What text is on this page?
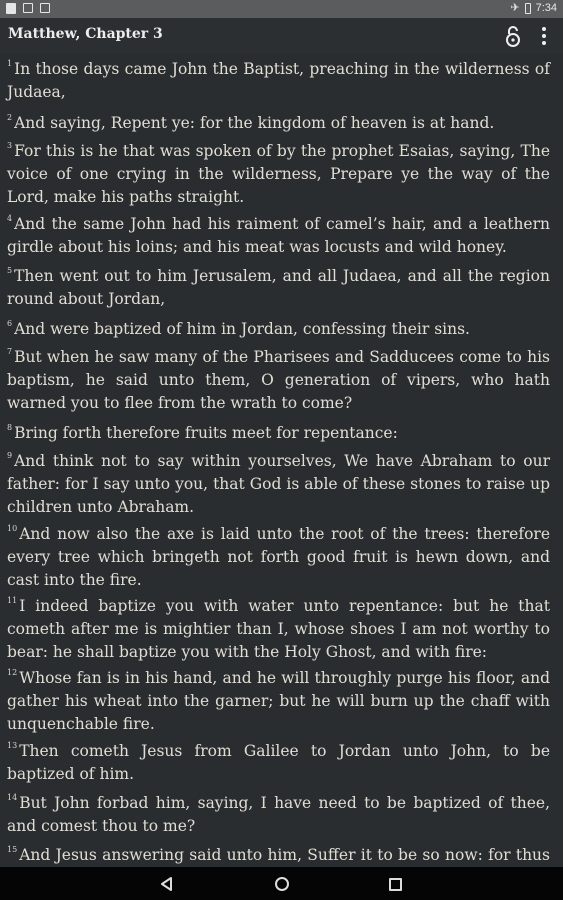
✈ 7:34
Matthew, Chapter 3
$^1$ In those days came John the Baptist, preaching in the wilderness of Judaea,
$^2$ And saying, Repent ye: for the kingdom of heaven is at hand.
$^3$ For this is he that was spoken of by the prophet Esaias, saying, The voice of one crying in the wilderness, Prepare ye the way of the Lord, make his paths straight.
$^4$ And the same John had his raiment of camel’s hair, and a leathern girdle about his loins; and his meat was locusts and wild honey.
$^5$ Then went out to him Jerusalem, and all Judaea, and all the region round about Jordan,
$^6$ And were baptized of him in Jordan, confessing their sins.
$^7$ But when he saw many of the Pharisees and Sadducees come to his baptism, he said unto them, O generation of vipers, who hath warned you to flee from the wrath to come?
$^8$ Bring forth therefore fruits meet for repentance:
$^9$ And think not to say within yourselves, We have Abraham to our father: for I say unto you, that God is able of these stones to raise up children unto Abraham.
$^{10}$ And now also the axe is laid unto the root of the trees: therefore every tree which bringeth not forth good fruit is hewn down, and cast into the fire.
$^{11}$ I indeed baptize you with water unto repentance: but he that cometh after me is mightier than I, whose shoes I am not worthy to bear: he shall baptize you with the Holy Ghost, and with fire:
$^{12}$ Whose fan is in his hand, and he will throughly purge his floor, and gather his wheat into the garner; but he will burn up the chaff with unquenchable fire.
$^{13}$ Then cometh Jesus from Galilee to Jordan unto John, to be baptized of him.
$^{14}$ But John forbad him, saying, I have need to be baptized of thee, and comest thou to me?
$^{15}$ And Jesus answering said unto him, Suffer it to be so now: for thus
